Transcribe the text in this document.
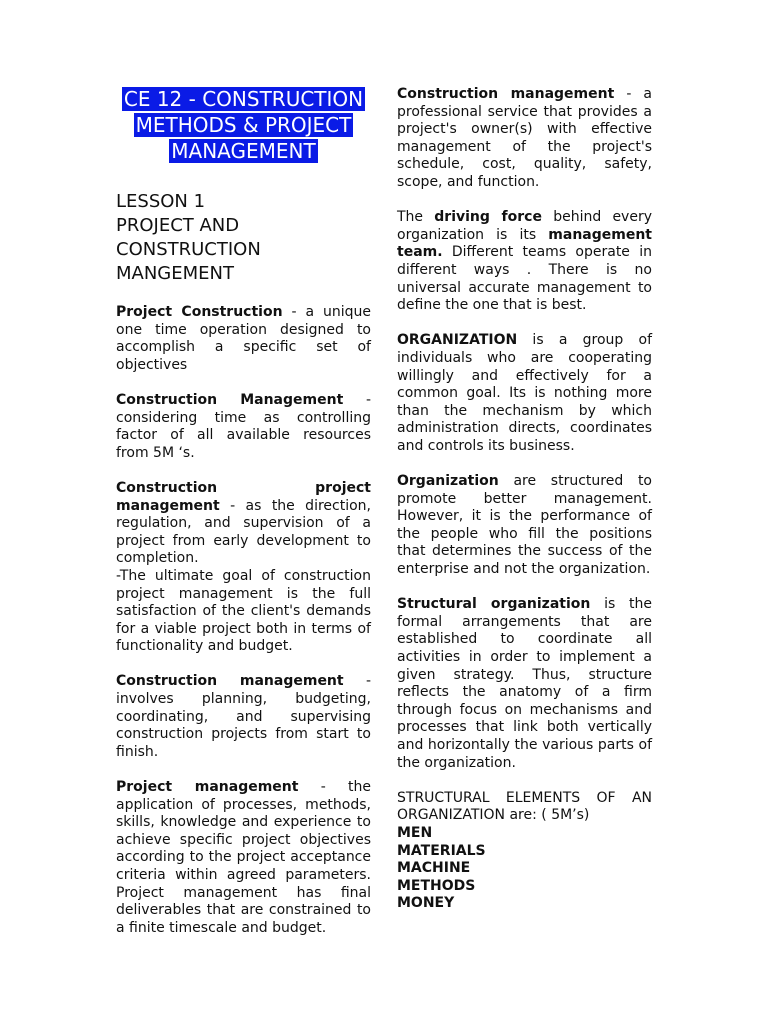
CE 12 - CONSTRUCTION
METHODS & PROJECT
MANAGEMENT
LESSON 1
PROJECT AND
CONSTRUCTION
MANGEMENT

Project Construction - a unique one time operation designed to accomplish a specific set of objectives

Construction Management - considering time as controlling factor of all available resources from 5M ‘s.

Construction project management - as the direction, regulation, and supervision of a project from early development to completion.

-The ultimate goal of construction project management is the full satisfaction of the client's demands for a viable project both in terms of functionality and budget.

Construction management - involves planning, budgeting, coordinating, and supervising construction projects from start to finish.

Project management - the application of processes, methods, skills, knowledge and experience to achieve specific project objectives according to the project acceptance criteria within agreed parameters. Project management has final deliverables that are constrained to a finite timescale and budget.

Construction management - a professional service that provides a project's owner(s) with effective management of the project's schedule, cost, quality, safety, scope, and function.

The driving force behind every organization is its management team. Different teams operate in different ways . There is no universal accurate management to define the one that is best.

ORGANIZATION is a group of individuals who are cooperating willingly and effectively for a common goal. Its is nothing more than the mechanism by which administration directs, coordinates and controls its business.

Organization are structured to promote better management. However, it is the performance of the people who fill the positions that determines the success of the enterprise and not the organization.

Structural organization is the formal arrangements that are established to coordinate all activities in order to implement a given strategy. Thus, structure reflects the anatomy of a firm through focus on mechanisms and processes that link both vertically and horizontally the various parts of the organization.

STRUCTURAL ELEMENTS OF AN ORGANIZATION are: ( 5M’s)

MEN
MATERIALS
MACHINE
METHODS
MONEY
